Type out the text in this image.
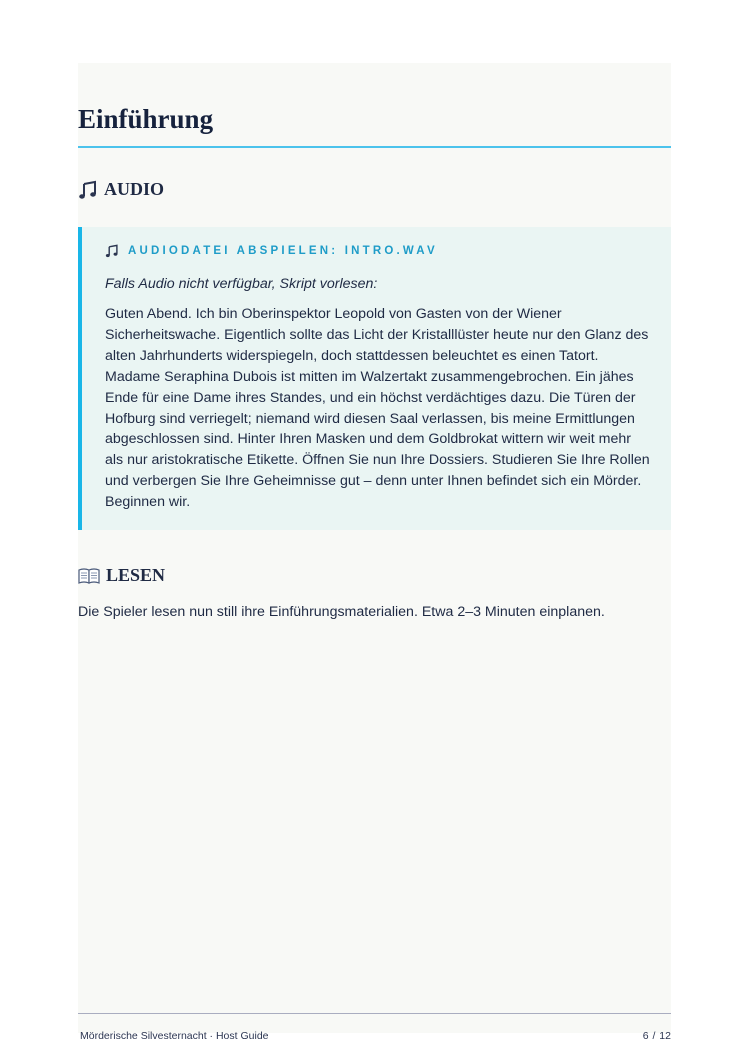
Einführung
AUDIO
AUDIODATEI ABSPIELEN: INTRO.WAV
Falls Audio nicht verfügbar, Skript vorlesen:

Guten Abend. Ich bin Oberinspektor Leopold von Gasten von der Wiener Sicherheitswache. Eigentlich sollte das Licht der Kristalllüster heute nur den Glanz des alten Jahrhunderts widerspiegeln, doch stattdessen beleuchtet es einen Tatort. Madame Seraphina Dubois ist mitten im Walzertakt zusammengebrochen. Ein jähes Ende für eine Dame ihres Standes, und ein höchst verdächtiges dazu. Die Türen der Hofburg sind verriegelt; niemand wird diesen Saal verlassen, bis meine Ermittlungen abgeschlossen sind. Hinter Ihren Masken und dem Goldbrokat wittern wir weit mehr als nur aristokratische Etikette. Öffnen Sie nun Ihre Dossiers. Studieren Sie Ihre Rollen und verbergen Sie Ihre Geheimnisse gut – denn unter Ihnen befindet sich ein Mörder. Beginnen wir.

LESEN
Die Spieler lesen nun still ihre Einführungsmaterialien. Etwa 2–3 Minuten einplanen.
Mörderische Silvesternacht · Host Guide	6 / 12
